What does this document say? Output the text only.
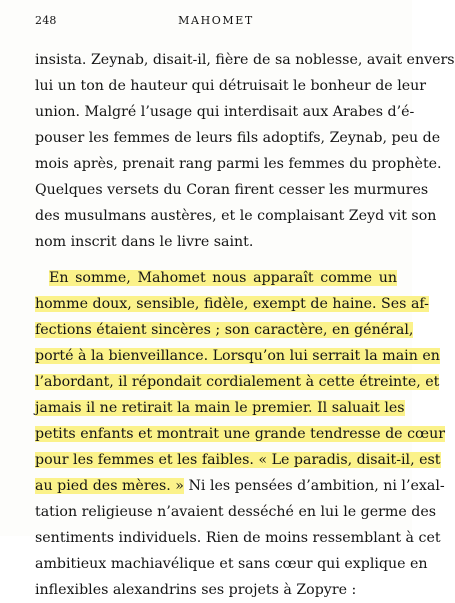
248	MAHOMET
insista. Zeynab, disait-il, fière de sa noblesse, avait envers
lui un ton de hauteur qui détruisait le bonheur de leur
union. Malgré l’usage qui interdisait aux Arabes d’é-
pouser les femmes de leurs fils adoptifs, Zeynab, peu de
mois après, prenait rang parmi les femmes du prophète.
Quelques versets du Coran firent cesser les murmures
des musulmans austères, et le complaisant Zeyd vit son
nom inscrit dans le livre saint.
En somme, Mahomet nous apparaît comme un
homme doux, sensible, fidèle, exempt de haine. Ses af-
fections étaient sincères ; son caractère, en général,
porté à la bienveillance. Lorsqu’on lui serrait la main en
l’abordant, il répondait cordialement à cette étreinte, et
jamais il ne retirait la main le premier. Il saluait les
petits enfants et montrait une grande tendresse de cœur
pour les femmes et les faibles. « Le paradis, disait-il, est
au pied des mères. » Ni les pensées d’ambition, ni l’exal-
tation religieuse n’avaient desséché en lui le germe des
sentiments individuels. Rien de moins ressemblant à cet
ambitieux machiavélique et sans cœur qui explique en
inflexibles alexandrins ses projets à Zopyre :
